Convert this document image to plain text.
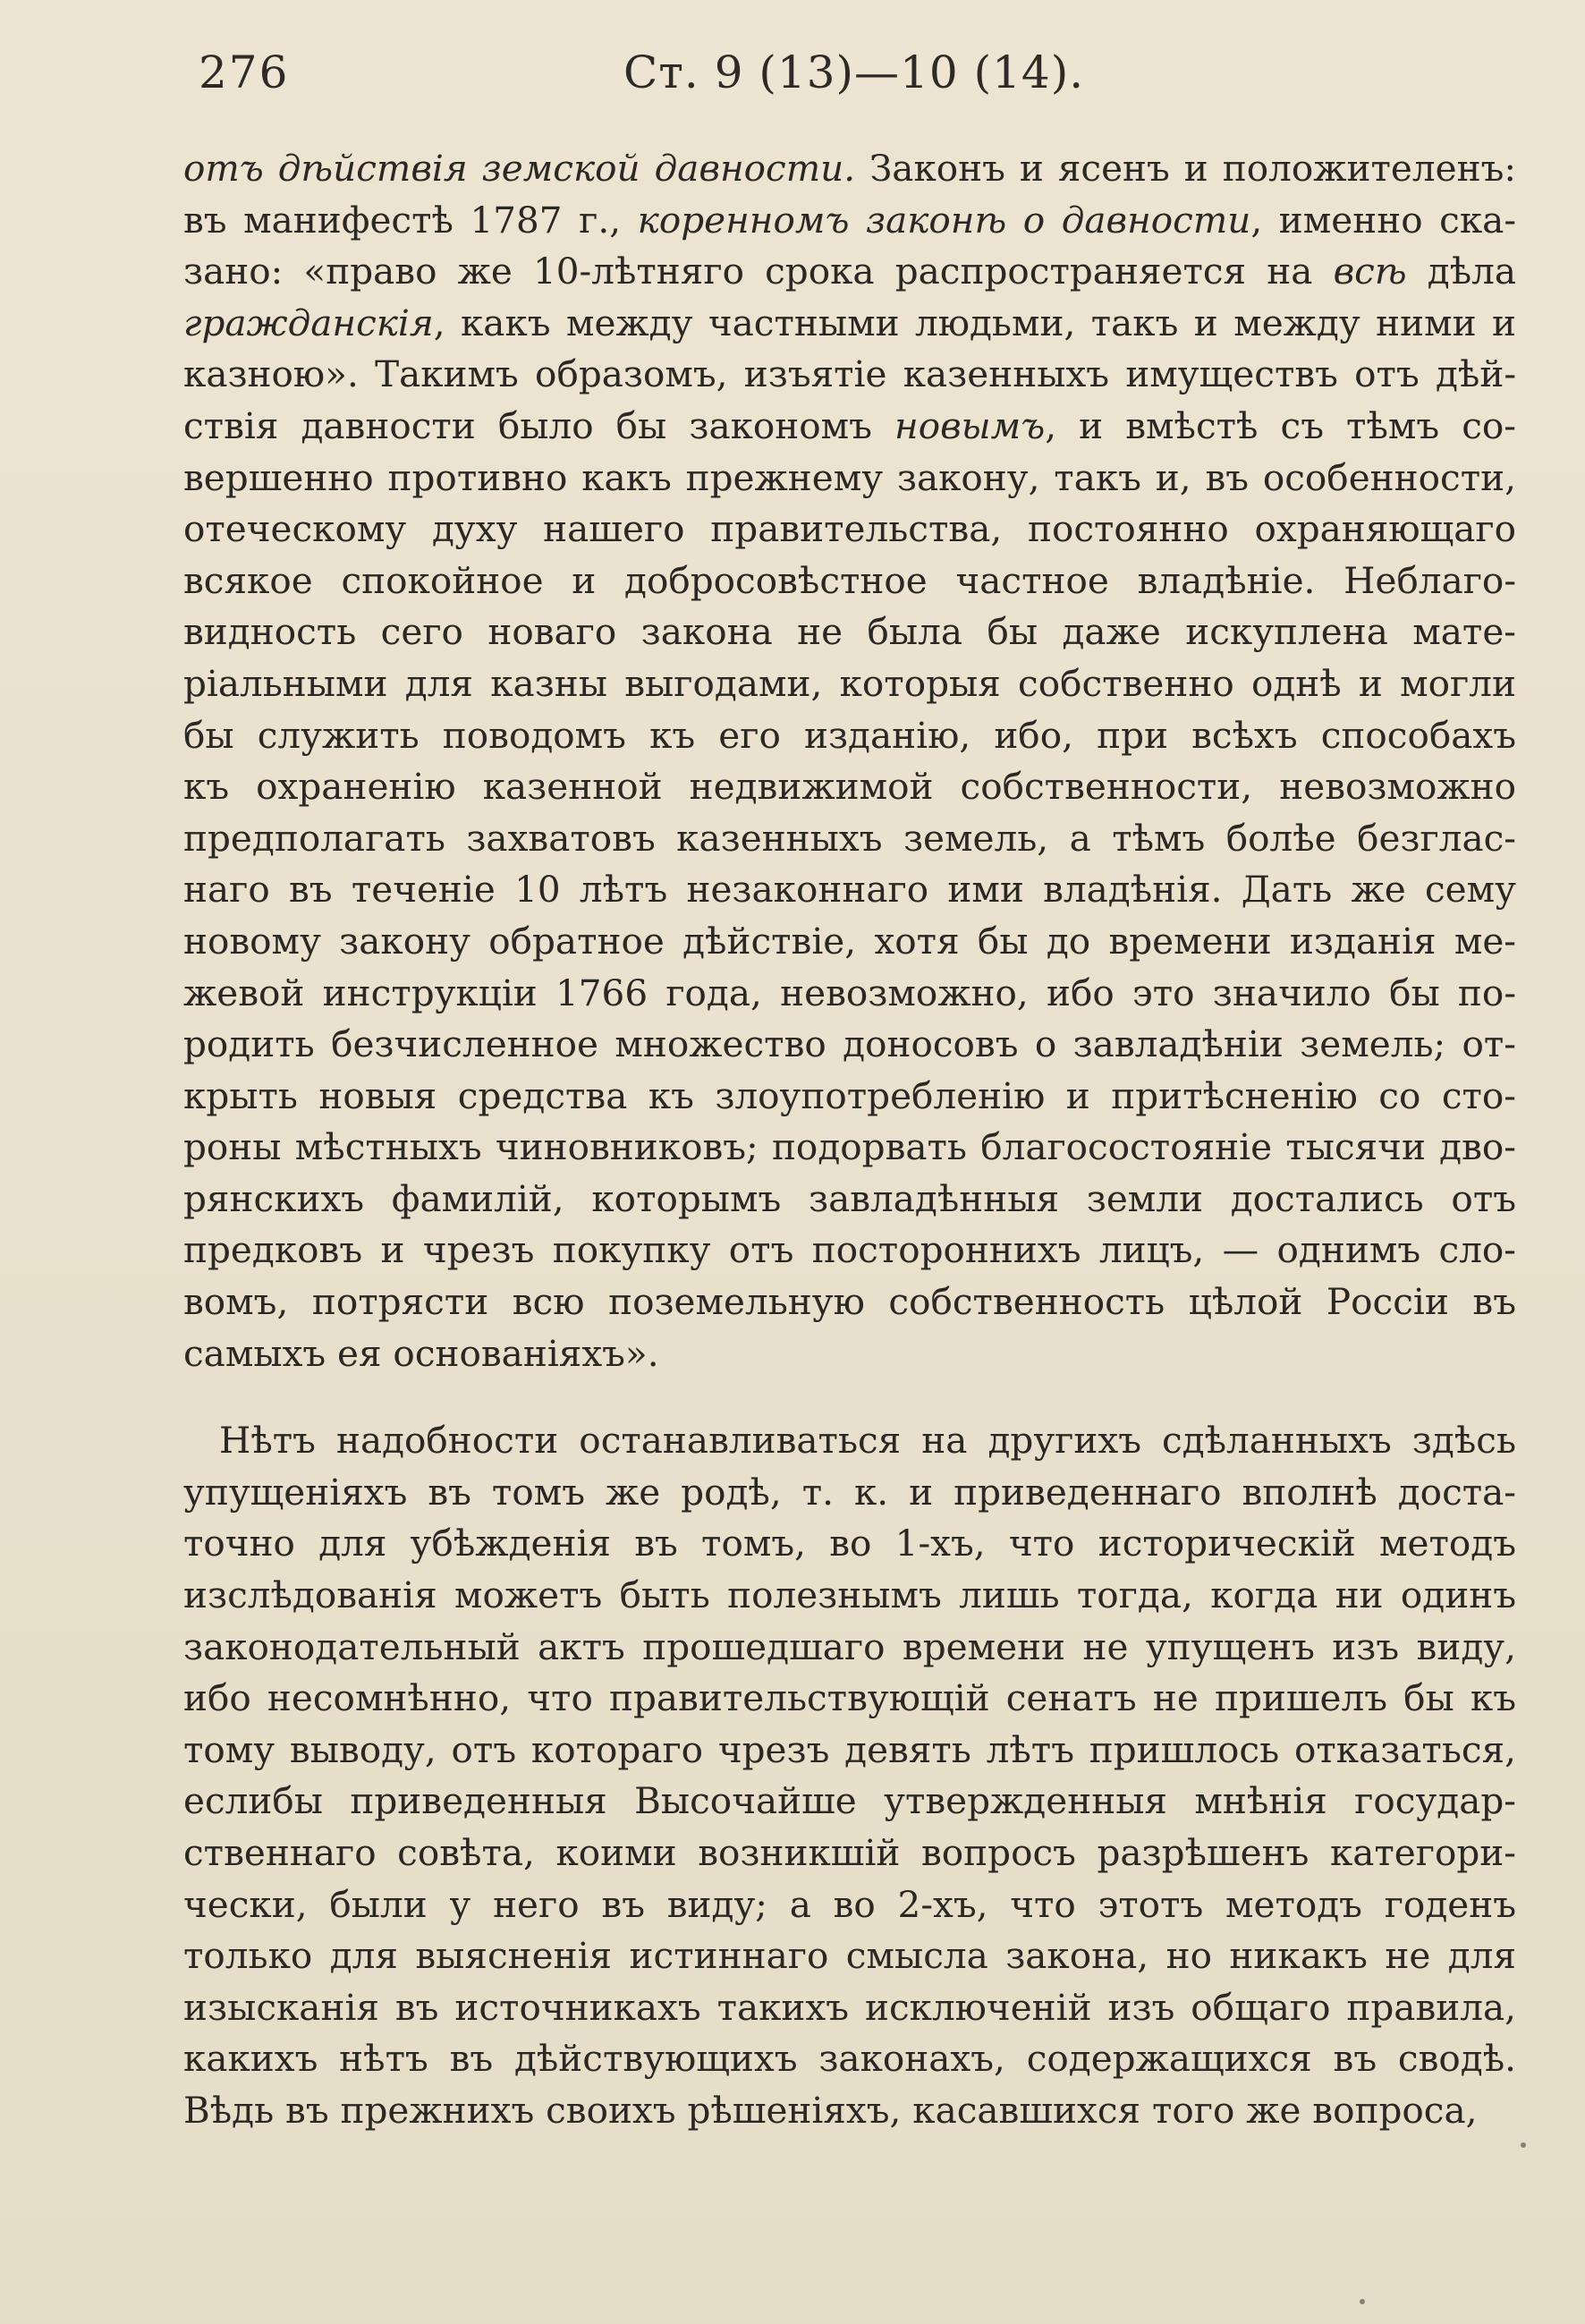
276	Ст. 9 (13)—10 (14).
отъ дѣйствія земской давности. Законъ и ясенъ и положителенъ:
въ манифестѣ 1787 г., коренномъ законѣ о давности, именно ска-
зано: «право же 10-лѣтняго срока распространяется на всѣ дѣла
гражданскія, какъ между частными людьми, такъ и между ними и
казною». Такимъ образомъ, изъятіе казенныхъ имуществъ отъ дѣй-
ствія давности было бы закономъ новымъ, и вмѣстѣ съ тѣмъ со-
вершенно противно какъ прежнему закону, такъ и, въ особенности,
отеческому духу нашего правительства, постоянно охраняющаго
всякое спокойное и добросовѣстное частное владѣніе. Неблаго-
видность сего новаго закона не была бы даже искуплена мате-
ріальными для казны выгодами, которыя собственно однѣ и могли
бы служить поводомъ къ его изданію, ибо, при всѣхъ способахъ
къ охраненію казенной недвижимой собственности, невозможно
предполагать захватовъ казенныхъ земель, а тѣмъ болѣе безглас-
наго въ теченіе 10 лѣтъ незаконнаго ими владѣнія. Дать же сему
новому закону обратное дѣйствіе, хотя бы до времени изданія ме-
жевой инструкціи 1766 года, невозможно, ибо это значило бы по-
родить безчисленное множество доносовъ о завладѣніи земель; от-
крыть новыя средства къ злоупотребленію и притѣсненію со сто-
роны мѣстныхъ чиновниковъ; подорвать благосостояніе тысячи дво-
рянскихъ фамилій, которымъ завладѣнныя земли достались отъ
предковъ и чрезъ покупку отъ постороннихъ лицъ, — однимъ сло-
вомъ, потрясти всю поземельную собственность цѣлой Россіи въ
самыхъ ея основаніяхъ».
Нѣтъ надобности останавливаться на другихъ сдѣланныхъ здѣсь
упущеніяхъ въ томъ же родѣ, т. к. и приведеннаго вполнѣ доста-
точно для убѣжденія въ томъ, во 1-хъ, что историческій методъ
изслѣдованія можетъ быть полезнымъ лишь тогда, когда ни одинъ
законодательный актъ прошедшаго времени не упущенъ изъ виду,
ибо несомнѣнно, что правительствующій сенатъ не пришелъ бы къ
тому выводу, отъ котораго чрезъ девять лѣтъ пришлось отказаться,
еслибы приведенныя Высочайше утвержденныя мнѣнія государ-
ственнаго совѣта, коими возникшій вопросъ разрѣшенъ категори-
чески, были у него въ виду; а во 2-хъ, что этотъ методъ годенъ
только для выясненія истиннаго смысла закона, но никакъ не для
изысканія въ источникахъ такихъ исключеній изъ общаго правила,
какихъ нѣтъ въ дѣйствующихъ законахъ, содержащихся въ сводѣ.
Вѣдь въ прежнихъ своихъ рѣшеніяхъ, касавшихся того же вопроса,
